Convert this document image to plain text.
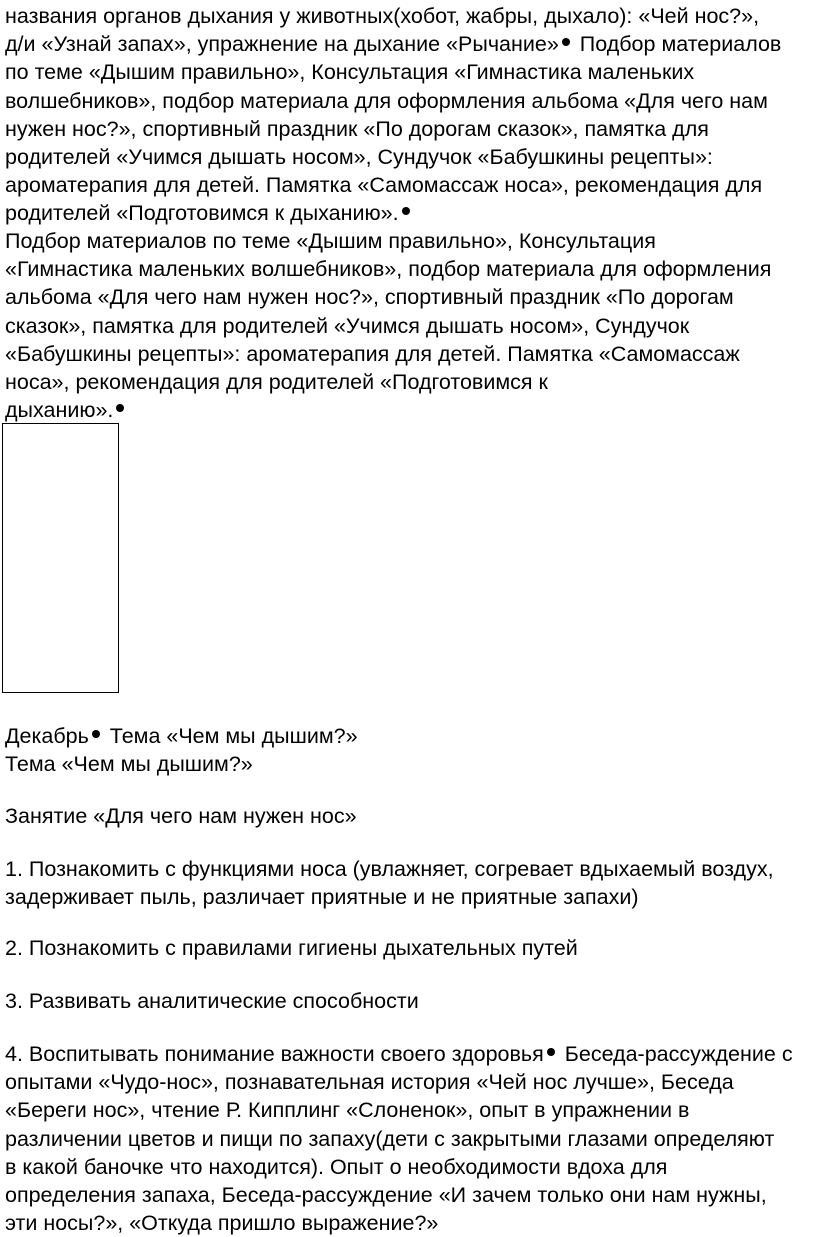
названия органов дыхания у животных(хобот, жабры, дыхало): «Чей нос?»,
д/и «Узнай запах», упражнение на дыхание «Рычание» Подбор материалов
по теме «Дышим правильно», Консультация «Гимнастика маленьких
волшебников», подбор материала для оформления альбома «Для чего нам
нужен нос?», спортивный праздник «По дорогам сказок», памятка для
родителей «Учимся дышать носом», Сундучок «Бабушкины рецепты»:
ароматерапия для детей. Памятка «Самомассаж носа», рекомендация для
родителей «Подготовимся к дыханию».

Подбор материалов по теме «Дышим правильно», Консультация
«Гимнастика маленьких волшебников», подбор материала для оформления
альбома «Для чего нам нужен нос?», спортивный праздник «По дорогам
сказок», памятка для родителей «Учимся дышать носом», Сундучок
«Бабушкины рецепты»: ароматерапия для детей. Памятка «Самомассаж
носа», рекомендация для родителей «Подготовимся к
дыханию».

Декабрь Тема «Чем мы дышим?»

Тема «Чем мы дышим?»

Занятие «Для чего нам нужен нос»

1. Познакомить с функциями носа (увлажняет, согревает вдыхаемый воздух,
задерживает пыль, различает приятные и не приятные запахи)

2. Познакомить с правилами гигиены дыхательных путей

3. Развивать аналитические способности

4. Воспитывать понимание важности своего здоровья Беседа-рассуждение с
опытами «Чудо-нос», познавательная история «Чей нос лучше», Беседа
«Береги нос», чтение Р. Кипплинг «Слоненок», опыт в упражнении в
различении цветов и пищи по запаху(дети с закрытыми глазами определяют
в какой баночке что находится). Опыт о необходимости вдоха для
определения запаха, Беседа-рассуждение «И зачем только они нам нужны,
эти носы?», «Откуда пришло выражение?»
